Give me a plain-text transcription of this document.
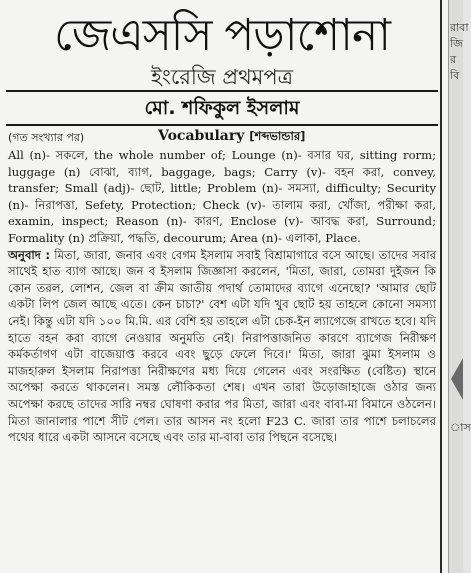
জেএসসি পড়াশোনা
ইংরেজি প্রথমপত্র
মো. শফিকুল ইসলাম
(গত সংখ্যার পর)	Vocabulary [শব্দভান্ডার]

All (n)- সকলে, the whole number of; Lounge (n)- বসার ঘর, sitting rorm; luggage (n) বোঝা, ব্যাগ, baggage, bags; Carry (v)- বহন করা, convey, transfer; Small (adj)- ছোট, little; Problem (n)- সমস্যা, difficulty; Security (n)- নিরাপত্তা, Sefety, Protection; Check (v)- তালাম করা, খোঁজা, পরীক্ষা করা, examin, inspect; Reason (n)- কারণ, Enclose (v)- আবদ্ধ করা, Surround; Formality (n) প্রক্রিয়া, পদ্ধতি, decourum; Area (n)- এলাকা, Place.

অনুবাদ : মিতা, জারা, জনাব এবং বেগম ইসলাম সবাই বিশ্রামাগারে বসে আছে। তাদের সবার সাথেই হাত ব্যাগ আছে। জন ব ইসলাম জিজ্ঞাসা করলেন, 'মিতা, জারা, তোমরা দুইজন কি কোন তরল, লোশন, জেল বা ক্রীম জাতীয় পদার্থ তোমাদের ব্যাগে এনেছো? 'আমার ছোট একটা লিপ জেল আছে এতে। কেন চাচা?' বেশ এটা যদি খুব ছোট হয় তাহলে কোনো সমস্যা নেই। কিন্তু এটা যদি ১০০ মি.মি. এর বেশি হয় তাহলে এটা চেক-ইন ল্যাগেজে রাখতে হবে। যদি হাতে বহন করা ব্যাগে নেওয়ার অনুমতি নেই। নিরাপত্তাজনিত কারণে ব্যাগেজ নিরীক্ষণ কর্মকর্তাগণ এটা বাজেয়াপ্ত করবে এবং ছুড়ে ফেলে দিবে।' মিতা, জারা ঝুমা ইসলাম ও মাজহারুল ইসলাম নিরাপত্তা নিরীক্ষণের মধ্য দিয়ে গেলেন এবং সংরক্ষিত (বেষ্টিত) স্থানে অপেক্ষা করতে থাকলেন। সমস্ত লৌকিকতা শেষ। এখন তারা উড়োজাহাজে ওঠার জন্য অপেক্ষা করছে তাদের সারি নম্বর ঘোষণা করার পর মিতা, জারা এবং বাবা-মা বিমানে ওঠলেন। মিতা জানালার পাশে সীট পেল। তার আসন নং হলো F23 C. জারা তার পাশে চলাচলের পথের ধারে একটা আসনে বসেছে এবং তার মা-বাবা তার পিছনে বসেছে।

রাবাজির বি
াস
